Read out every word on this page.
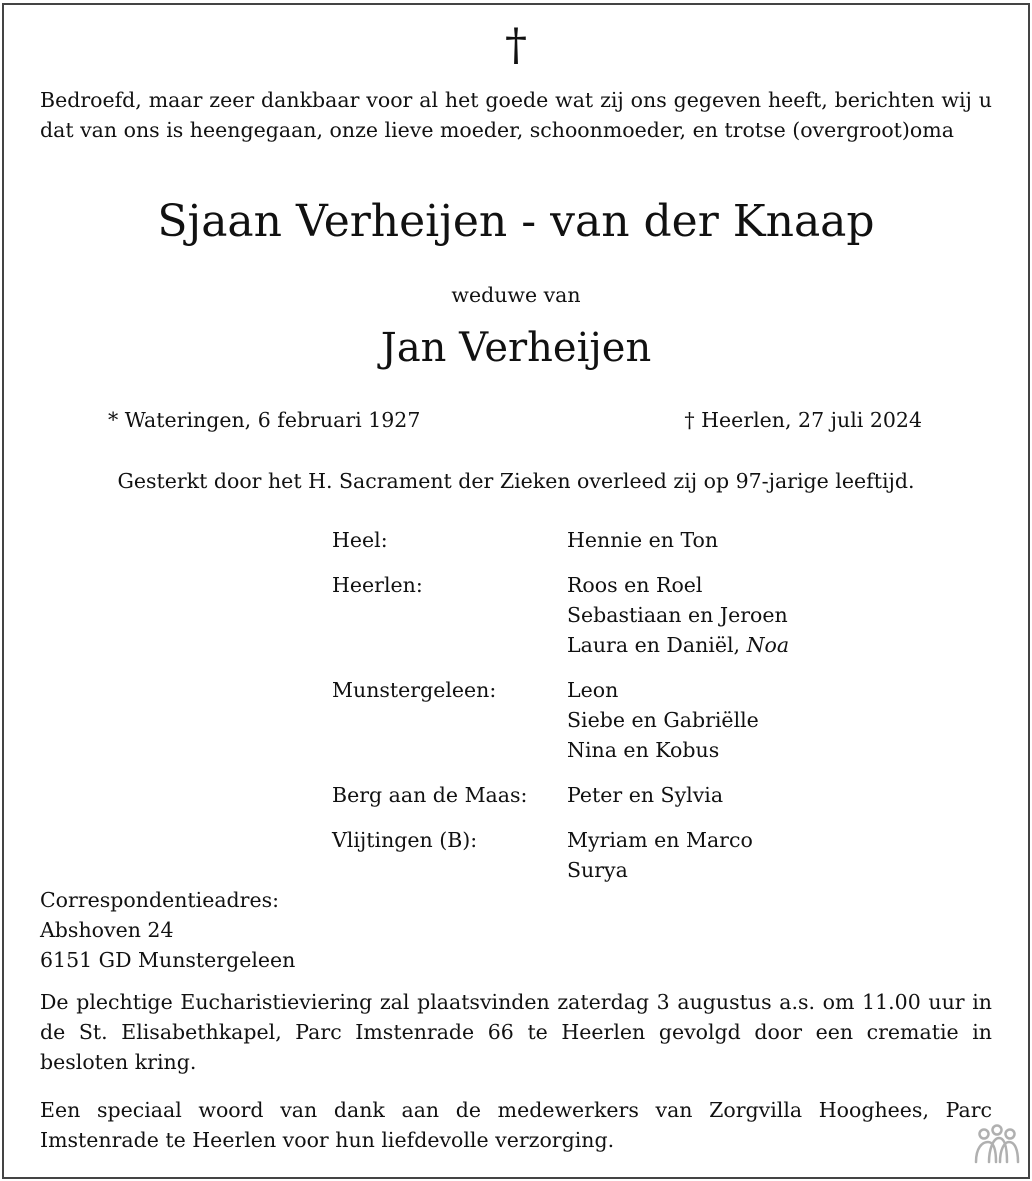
†
Bedroefd, maar zeer dankbaar voor al het goede wat zij ons gegeven heeft, berichten wij u dat van ons is heengegaan, onze lieve moeder, schoonmoeder, en trotse (overgroot)oma
Sjaan Verheijen - van der Knaap
weduwe van
Jan Verheijen
* Wateringen, 6 februari 1927	† Heerlen, 27 juli 2024
Gesterkt door het H. Sacrament der Zieken overleed zij op 97-jarige leeftijd.
Heel:	Hennie en Ton
Heerlen:	Roos en Roel
Sebastiaan en Jeroen
Laura en Daniël, Noa
Munstergeleen:	Leon
Siebe en Gabriëlle
Nina en Kobus
Berg aan de Maas: Peter en Sylvia
Vlijtingen (B):	Myriam en Marco
Surya
Correspondentieadres:
Abshoven 24
6151 GD Munstergeleen
De plechtige Eucharistieviering zal plaatsvinden zaterdag 3 augustus a.s. om 11.00 uur in de St. Elisabethkapel, Parc Imstenrade 66 te Heerlen gevolgd door een crematie in besloten kring.
Een speciaal woord van dank aan de medewerkers van Zorgvilla Hooghees, Parc Imstenrade te Heerlen voor hun liefdevolle verzorging.
